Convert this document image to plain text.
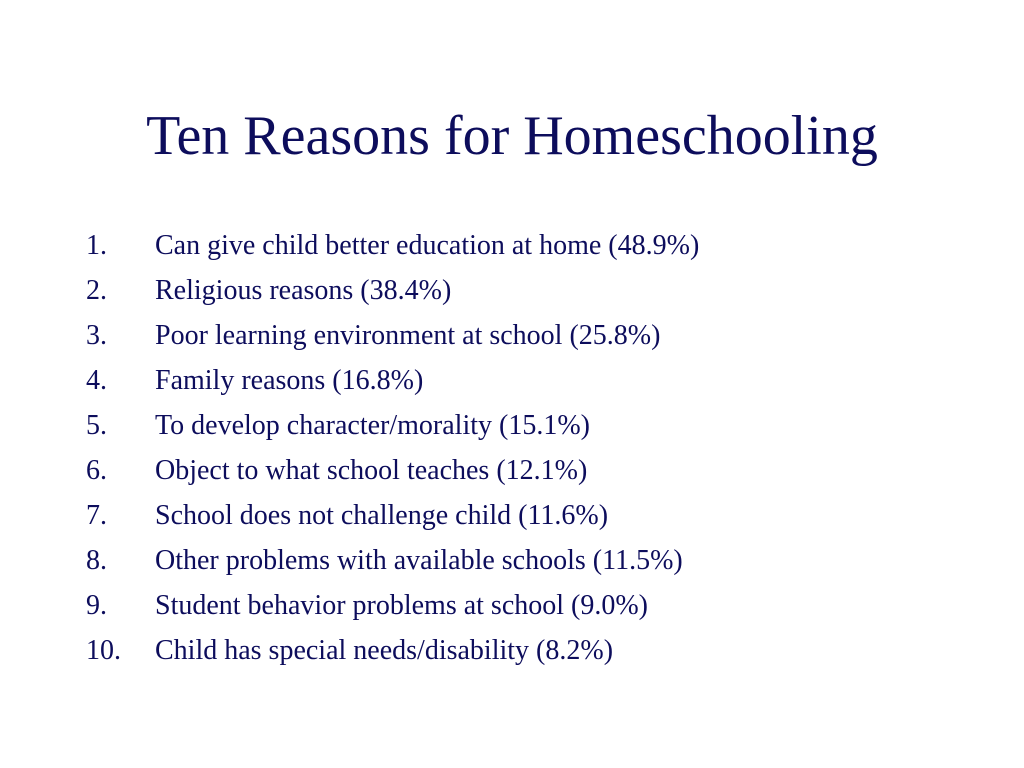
Ten Reasons for Homeschooling
1.	Can give child better education at home (48.9%)
2.	Religious reasons (38.4%)
3.	Poor learning environment at school (25.8%)
4.	Family reasons (16.8%)
5.	To develop character/morality (15.1%)
6.	Object to what school teaches (12.1%)
7.	School does not challenge child (11.6%)
8.	Other problems with available schools (11.5%)
9.	Student behavior problems at school (9.0%)
10.	Child has special needs/disability (8.2%)
